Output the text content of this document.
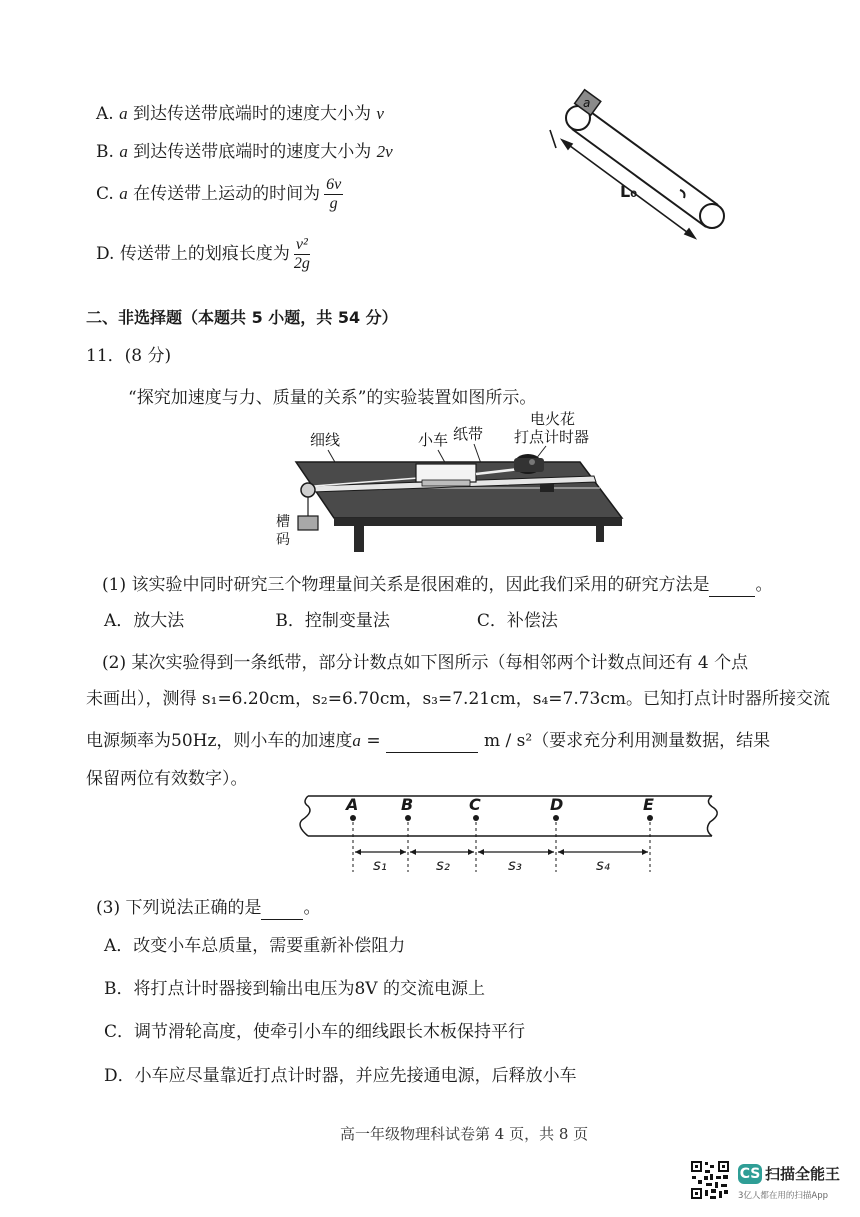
A. a 到达传送带底端时的速度大小为 v
B. a 到达传送带底端时的速度大小为 2v
C. a 在传送带上运动的时间为 $\frac{6v}{g}$
D. 传送带上的划痕长度为 $\frac{\text{v²}}{2g}$
a
L₀
二、非选择题（本题共 5 小题，共 54 分）
11．(8 分)
“探究加速度与力、质量的关系”的实验装置如图所示。
细线	小车 纸带
电火花
打点计时器
槽
码
(1) 该实验中同时研究三个物理量间关系是很困难的，因此我们采用的研究方法是	。
A．放大法	B．控制变量法	C．补偿法
(2) 某次实验得到一条纸带，部分计数点如下图所示（每相邻两个计数点间还有 4 个点
未画出），测得 s₁=6.20cm，s₂=6.70cm，s₃=7.21cm，s₄=7.73cm。已知打点计时器所接交流
电源频率为50Hz，则小车的加速度a =	m / s²（要求充分利用测量数据，结果
保留两位有效数字）。
A	B	C	D	E
s₁	s₂	s₃	s₄
(3) 下列说法正确的是 。
A．改变小车总质量，需要重新补偿阻力
B．将打点计时器接到输出电压为8V 的交流电源上
C．调节滑轮高度，使牵引小车的细线跟长木板保持平行
D．小车应尽量靠近打点计时器，并应先接通电源，后释放小车
高一年级物理科试卷第 4 页，共 8 页
CS 扫描全能王
3亿人都在用的扫描App
